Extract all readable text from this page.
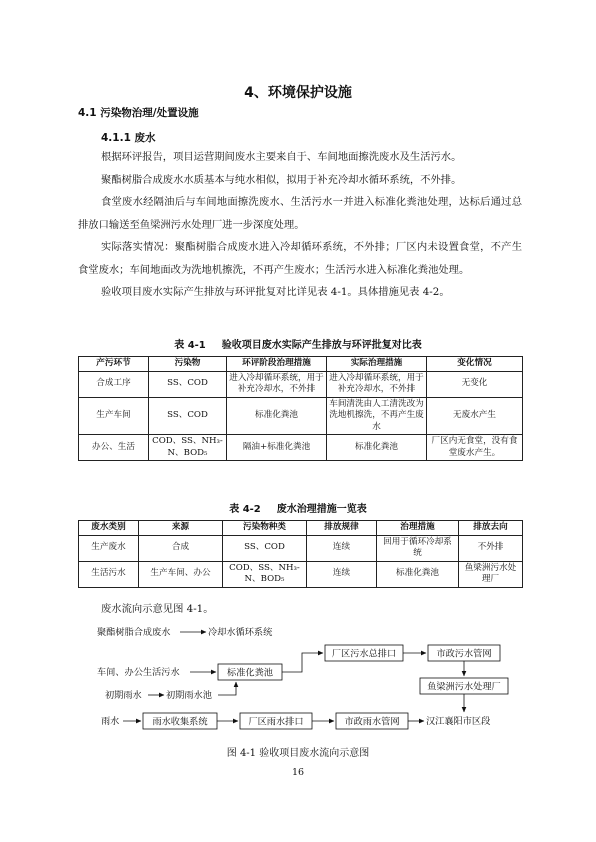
4、环境保护设施
4.1 污染物治理/处置设施
4.1.1 废水

根据环评报告，项目运营期间废水主要来自于、车间地面擦洗废水及生活污水。

聚酯树脂合成废水水质基本与纯水相似，拟用于补充冷却水循环系统，不外排。

食堂废水经隔油后与车间地面擦洗废水、生活污水一并进入标准化粪池处理，达标后通过总排放口输送至鱼梁洲污水处理厂进一步深度处理。

实际落实情况：聚酯树脂合成废水进入冷却循环系统，不外排；厂区内未设置食堂，不产生食堂废水；车间地面改为洗地机擦洗，不再产生废水；生活污水进入标准化粪池处理。

验收项目废水实际产生排放与环评批复对比详见表 4-1。具体措施见表 4-2。

表 4-1 验收项目废水实际产生排放与环评批复对比表
产污环节	污染物	环评阶段治理措施	实际治理措施	变化情况
合成工序	SS、COD	进入冷却循环系统，用于补充冷却水，不外排	进入冷却循环系统，用于补充冷却水，不外排	无变化
生产车间	SS、COD	标准化粪池	车间清洗由人工清洗改为洗地机擦洗，不再产生废水	无废水产生
办公、生活	COD、SS、NH₃-N、BOD₅	隔油+标准化粪池	标准化粪池	厂区内无食堂，没有食堂废水产生。
表 4-2 废水治理措施一览表
废水类别	来源	污染物种类	排放规律	治理措施	排放去向
生产废水	合成	SS、COD	连续	回用于循环冷却系统	不外排
生活污水	生产车间、办公	COD、SS、NH₃-N、BOD₅	连续	标准化粪池	鱼梁洲污水处理厂
废水流向示意见图 4-1。
聚酯树脂合成废水	冷却水循环系统
厂区污水总排口	市政污水管网
鱼梁洲污水处理厂
车间、办公生活污水	标准化粪池
初期雨水	初期雨水池
雨水	雨水收集系统	厂区雨水排口	市政雨水管网	汉江襄阳市区段
图 4-1 验收项目废水流向示意图
16
